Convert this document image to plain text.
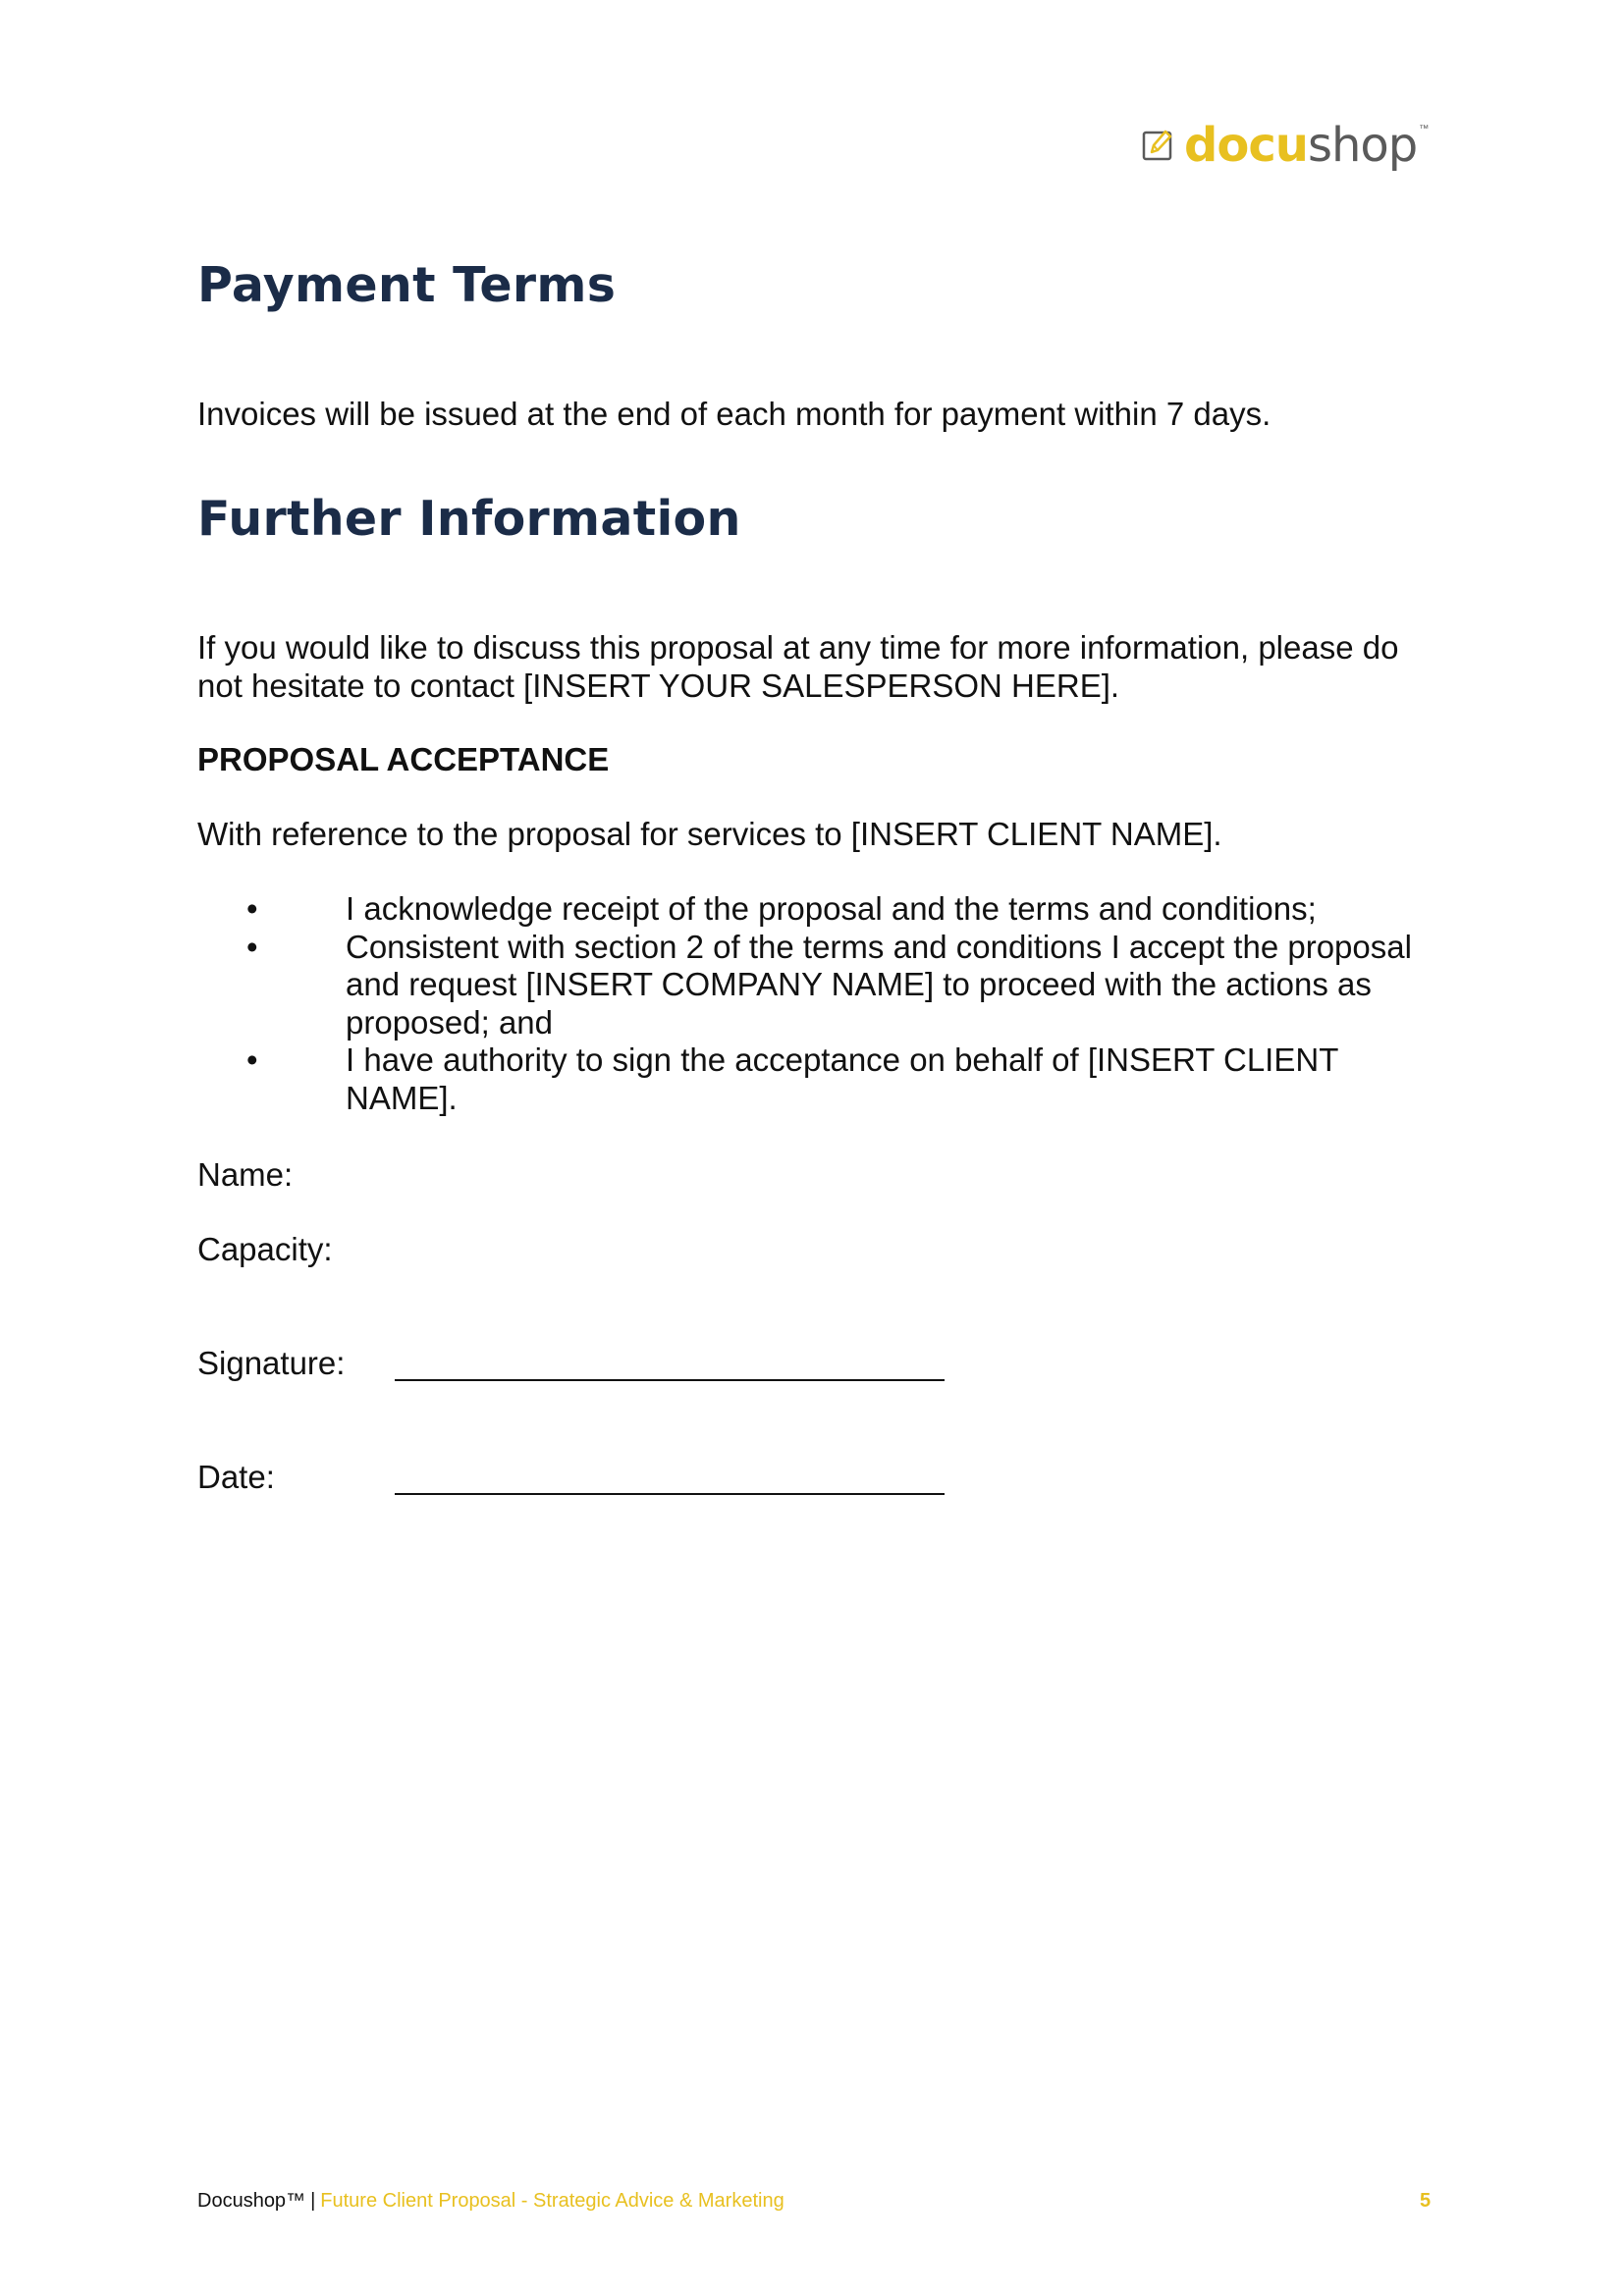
docushop ™
Payment Terms

Invoices will be issued at the end of each month for payment within 7 days.

Further Information

If you would like to discuss this proposal at any time for more information, please do not hesitate to contact [INSERT YOUR SALESPERSON HERE].

PROPOSAL ACCEPTANCE

With reference to the proposal for services to [INSERT CLIENT NAME].

•	I acknowledge receipt of the proposal and the terms and conditions;
•	Consistent with section 2 of the terms and conditions I accept the proposal and request [INSERT COMPANY NAME] to proceed with the actions as proposed; and
•	I have authority to sign the acceptance on behalf of [INSERT CLIENT NAME].

Name:

Capacity:

Signature:

Date:

Docushop™ | Future Client Proposal - Strategic Advice & Marketing	5
